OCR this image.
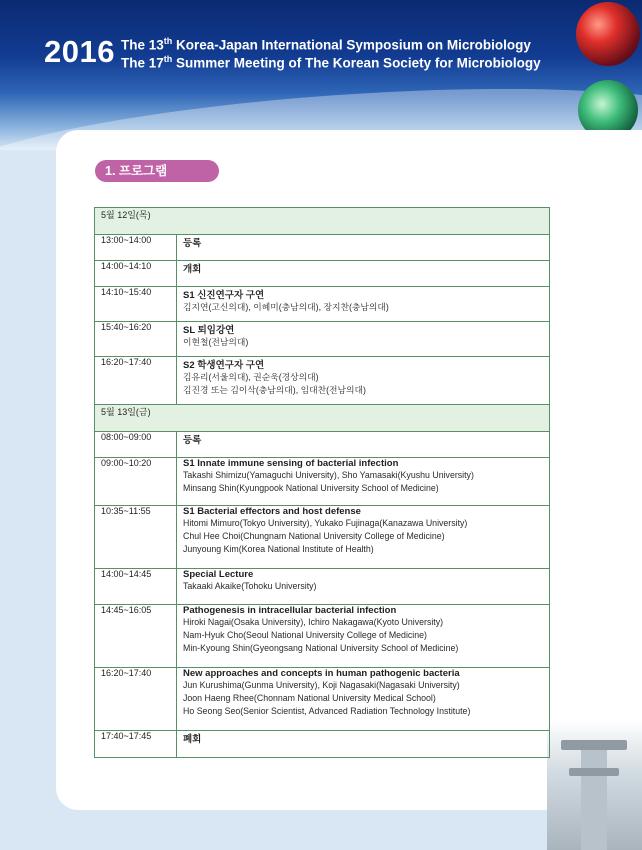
2016 The 13th Korea-Japan International Symposium on Microbiology
The 17th Summer Meeting of The Korean Society for Microbiology
1. 프로그램
5월 12일(목)	
13:00~14:00	등록

14:00~14:10	개회

14:10~15:40	S1 신진연구자 구연
김지연(고신의대), 이혜미(충남의대), 장지찬(충남의대)

15:40~16:20	SL 퇴임강연
이현철(전남의대)

16:20~17:40	S2 학생연구자 구연
김유리(서울의대), 권순욱(경상의대)
김진경 또는 김이삭(충남의대), 임대찬(전남의대)

5월 13일(금)	
08:00~09:00	등록

09:00~10:20	S1 Innate immune sensing of bacterial infection
Takashi Shimizu(Yamaguchi University), Sho Yamasaki(Kyushu University)
Minsang Shin(Kyungpook National University School of Medicine)

10:35~11:55	S1 Bacterial effectors and host defense
Hitomi Mimuro(Tokyo University), Yukako Fujinaga(Kanazawa University)
Chul Hee Choi(Chungnam National University College of Medicine)
Junyoung Kim(Korea National Institute of Health)

14:00~14:45	Special Lecture
Takaaki Akaike(Tohoku University)

14:45~16:05	Pathogenesis in intracellular bacterial infection
Hiroki Nagai(Osaka University), Ichiro Nakagawa(Kyoto University)
Nam-Hyuk Cho(Seoul National University College of Medicine)
Min-Kyoung Shin(Gyeongsang National University School of Medicine)

16:20~17:40	New approaches and concepts in human pathogenic bacteria
Jun Kurushima(Gunma University), Koji Nagasaki(Nagasaki University)
Joon Haeng Rhee(Chonnam National University Medical School)
Ho Seong Seo(Senior Scientist, Advanced Radiation Technology Institute)

17:40~17:45	폐회
